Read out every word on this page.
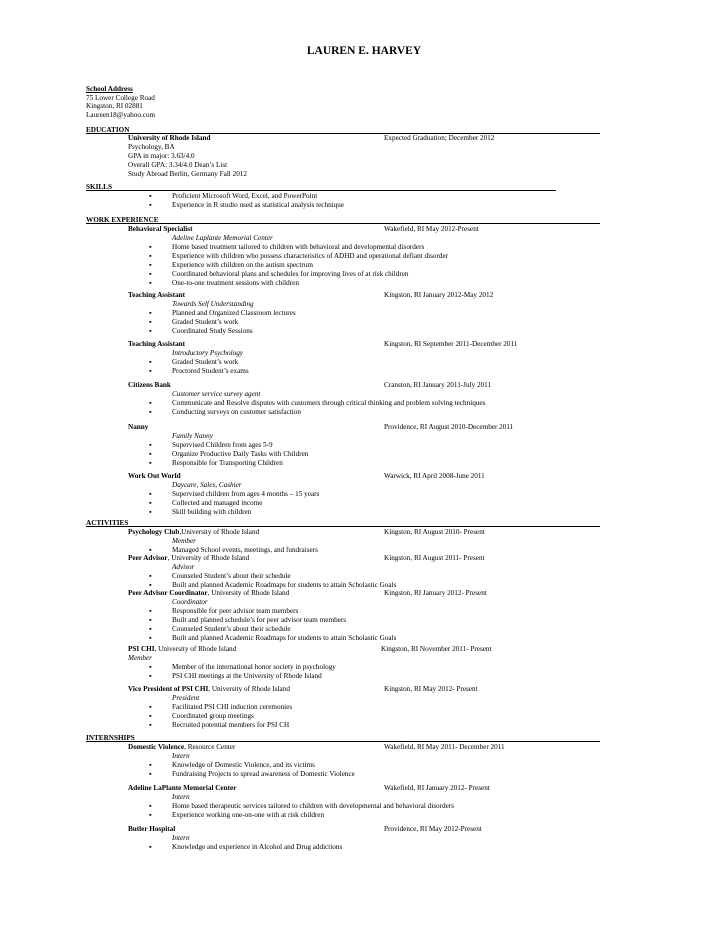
LAUREN E. HARVEY
School Address
75 Lower College Road
Kingston, RI 02881
Laureen18@yahoo.com
EDUCATION
University of Rhode Island	Expected Graduation; December 2012
Psychology, BA
GPA in major: 3.63/4.0
Overall GPA: 3.34/4.0 Dean’s List
Study Abroad Berlin, Germany Fall 2012
SKILLS
▪	Proficient Microsoft Word, Excel, and PowerPoint
▪	Experience in R studio used as statistical analysis technique
WORK EXPERIENCE
Behavioral Specialist	Wakefield, RI May 2012-Present
Adeline Laplante Memorial Center
▪	Home based treatment tailored to children with behavioral and developmental disorders
▪	Experience with children who possess characteristics of ADHD and operational defiant disorder
▪	Experience with children on the autism spectrum
▪	Coordinated behavioral plans and schedules for improving lives of at risk children
▪	One-to-one treatment sessions with children
Teaching Assistant	Kingston, RI January 2012-May 2012
Towards Self Understanding
▪	Planned and Organized Classroom lectures
▪	Graded Student’s work
▪	Coordinated Study Sessions
Teaching Assistant	Kingston, RI September 2011-December 2011
Introductory Psychology
▪	Graded Student’s work
▪	Proctored Student’s exams
Citizens Bank	Cranston, RI January 2011-July 2011
Customer service survey agent
▪	Communicate and Resolve disputes with customers through critical thinking and problem solving techniques
▪	Conducting surveys on customer satisfaction
Nanny	Providence, RI August 2010-December 2011
Family Nanny
▪	Supervised Children from ages 5-9
▪	Organize Productive Daily Tasks with Children
▪	Responsible for Transporting Children
Work Out World	Warwick, RI April 2008-June 2011
Daycare, Sales, Cashier
▪	Supervised children from ages 4 months – 15 years
▪	Collected and managed income
▪	Skill building with children
ACTIVITIES
Psychology Club,University of Rhode Island	Kingston, RI August 2010- Present
Member
▪	Managed School events, meetings, and fundraisers
Peer Advisor, University of Rhode Island	Kingston, RI August 2011- Present
Advisor
▪	Counseled Student’s about their schedule
▪	Built and planned Academic Roadmaps for students to attain Scholastic Goals
Peer Advisor Coordinator, University of Rhode Island	Kingston, RI January 2012- Present
Coordinator
▪	Responsible for peer advisor team members
▪	Built and planned schedule’s for peer advisor team members
▪	Counseled Student’s about their schedule
▪	Built and planned Academic Roadmaps for students to attain Scholastic Goals
PSI CHI, University of Rhode Island	Kingston, RI November 2011- Present
Member
▪	Member of the international honor society in psychology
▪	PSI CHI meetings at the University of Rhode Island
Vice President of PSI CHI, University of Rhode Island	Kingston, RI May 2012- Present
President
▪	Facilitated PSI CHI induction ceremonies
▪	Coordinated group meetings
▪	Recruited potential members for PSI CH
INTERNSHIPS
Domestic Violence, Resource Center	Wakefield, RI May 2011- December 2011
Intern
▪	Knowledge of Domestic Violence, and its victims
▪	Fundraising Projects to spread awareness of Domestic Violence
Adeline LaPlante Memorial Center	Wakefield, RI January 2012- Present
Intern
▪	Home based therapeutic services tailored to children with developmental and behavioral disorders
▪	Experience working one-on-one with at risk children
Butler Hospital	Providence, RI May 2012-Present
Intern
▪	Knowledge and experience in Alcohol and Drug addictions
